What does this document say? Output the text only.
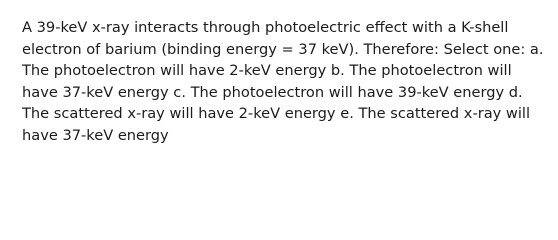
A 39-keV x-ray interacts through photoelectric effect with a K-shell electron of barium (binding energy = 37 keV). Therefore: Select one: a. The photoelectron will have 2-keV energy b. The photoelectron will have 37-keV energy c. The photoelectron will have 39-keV energy d. The scattered x-ray will have 2-keV energy e. The scattered x-ray will have 37-keV energy
